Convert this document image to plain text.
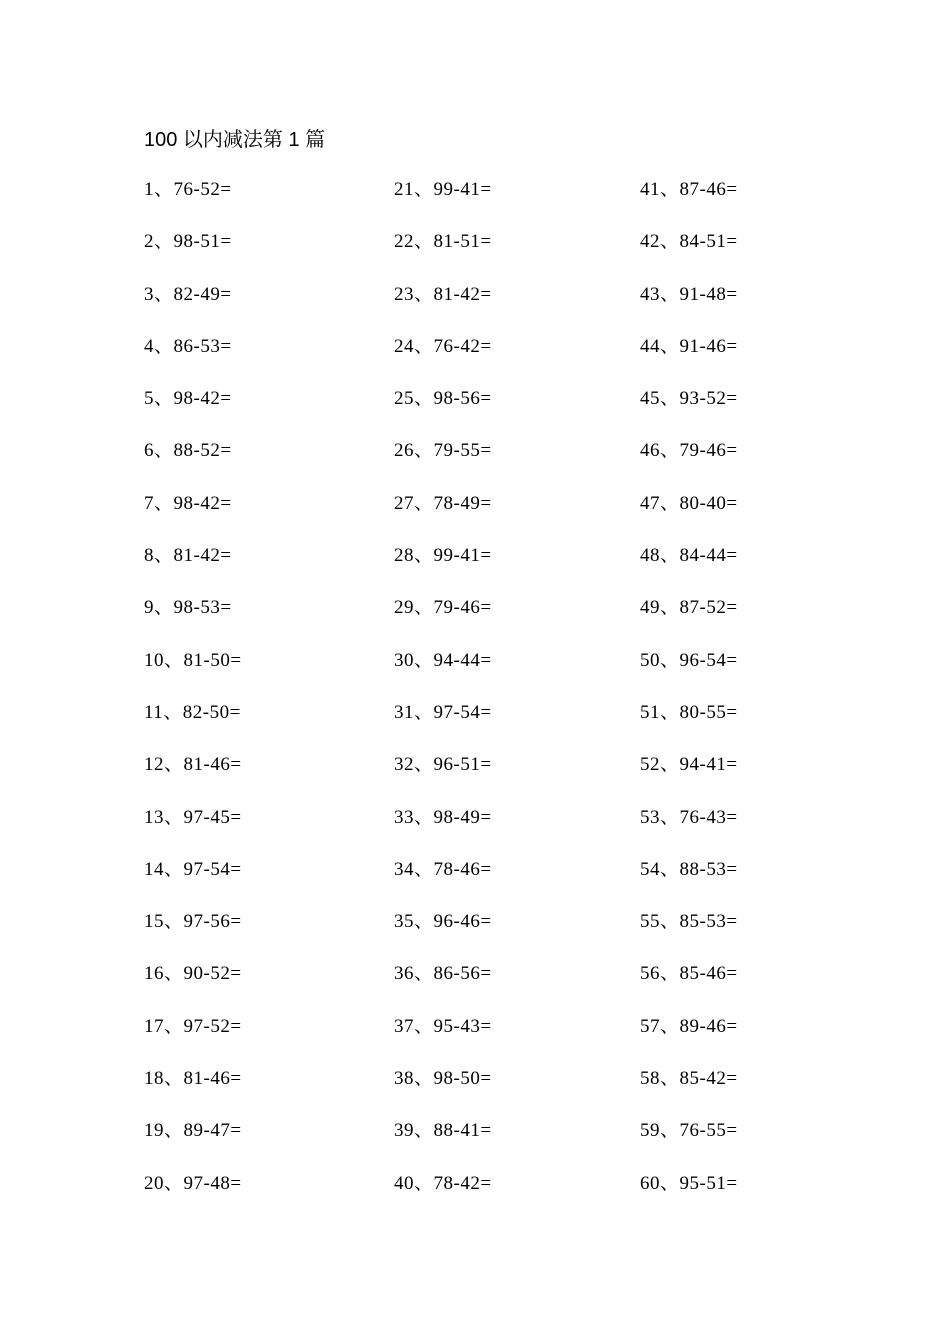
100 以内减法第 1 篇
1、76-52=
2、98-51=
3、82-49=
4、86-53=
5、98-42=
6、88-52=
7、98-42=
8、81-42=
9、98-53=
10、81-50=
11、82-50=
12、81-46=
13、97-45=
14、97-54=
15、97-56=
16、90-52=
17、97-52=
18、81-46=
19、89-47=
20、97-48=
21、99-41=
22、81-51=
23、81-42=
24、76-42=
25、98-56=
26、79-55=
27、78-49=
28、99-41=
29、79-46=
30、94-44=
31、97-54=
32、96-51=
33、98-49=
34、78-46=
35、96-46=
36、86-56=
37、95-43=
38、98-50=
39、88-41=
40、78-42=
41、87-46=
42、84-51=
43、91-48=
44、91-46=
45、93-52=
46、79-46=
47、80-40=
48、84-44=
49、87-52=
50、96-54=
51、80-55=
52、94-41=
53、76-43=
54、88-53=
55、85-53=
56、85-46=
57、89-46=
58、85-42=
59、76-55=
60、95-51=
